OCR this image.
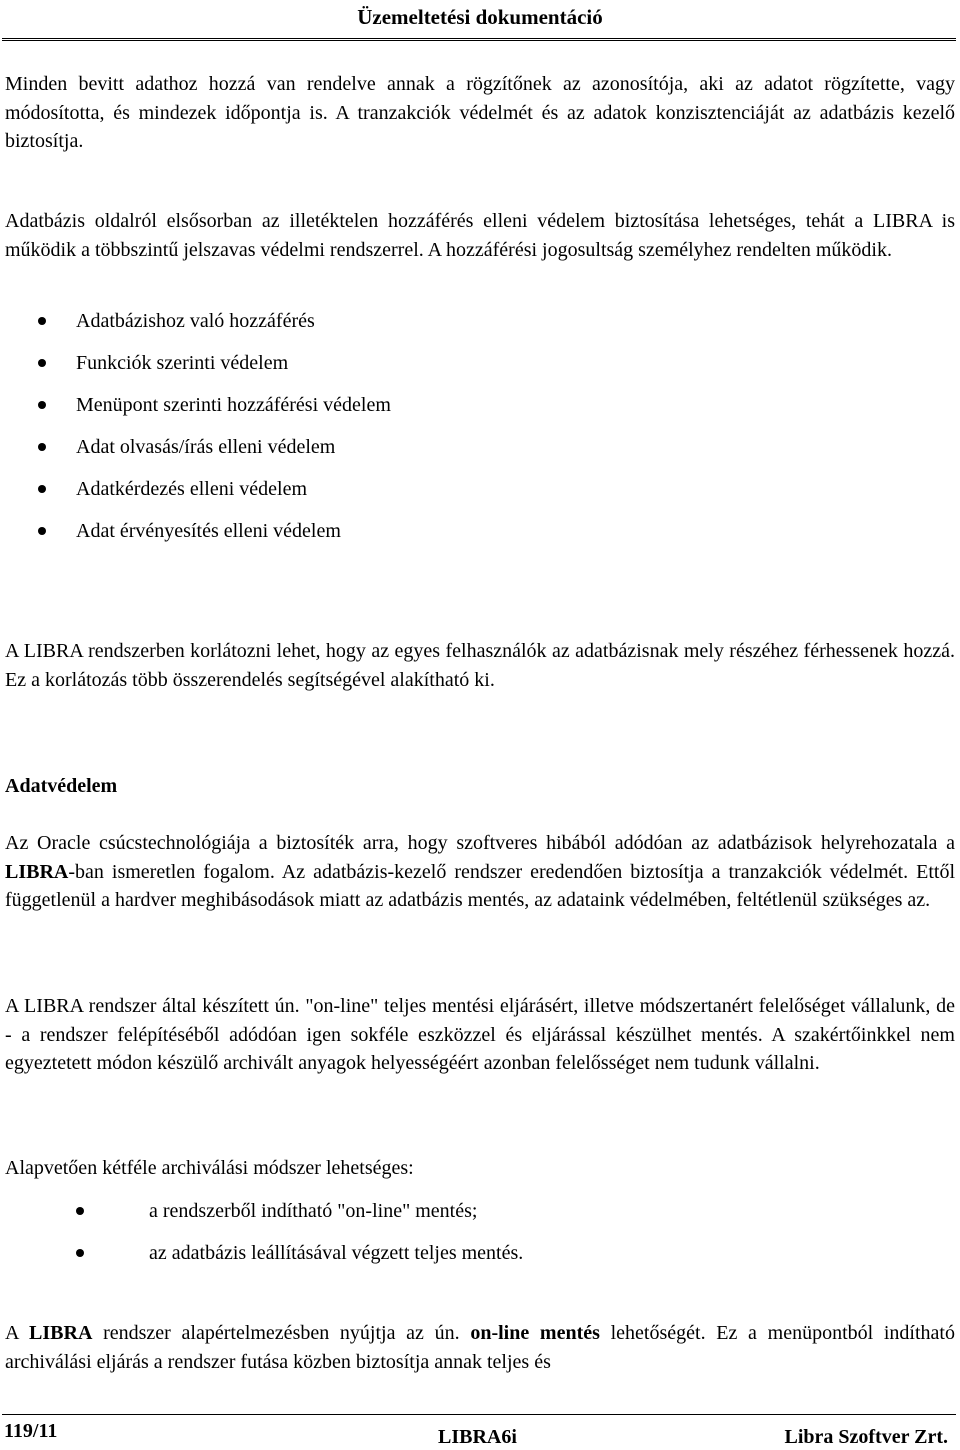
Üzemeltetési dokumentáció

Minden bevitt adathoz hozzá van rendelve annak a rögzítőnek az azonosítója, aki az adatot rögzítette, vagy módosította, és mindezek időpontja is. A tranzakciók védelmét és az adatok konzisztenciáját az adatbázis kezelő biztosítja.

Adatbázis oldalról elsősorban az illetéktelen hozzáférés elleni védelem biztosítása lehetséges, tehát a LIBRA is működik a többszintű jelszavas védelmi rendszerrel. A hozzáférési jogosultság személyhez rendelten működik.

Adatbázishoz való hozzáférés
Funkciók szerinti védelem
Menüpont szerinti hozzáférési védelem
Adat olvasás/írás elleni védelem
Adatkérdezés elleni védelem
Adat érvényesítés elleni védelem

A LIBRA rendszerben korlátozni lehet, hogy az egyes felhasználók az adatbázisnak mely részéhez férhessenek hozzá. Ez a korlátozás több összerendelés segítségével alakítható ki.

Adatvédelem

Az Oracle csúcstechnológiája a biztosíték arra, hogy szoftveres hibából adódóan az adatbázisok helyrehozatala a LIBRA-ban ismeretlen fogalom. Az adatbázis-kezelő rendszer eredendően biztosítja a tranzakciók védelmét. Ettől függetlenül a hardver meghibásodások miatt az adatbázis mentés, az adataink védelmében, feltétlenül szükséges az.

A LIBRA rendszer által készített ún. "on-line" teljes mentési eljárásért, illetve módszertanért felelőséget vállalunk, de - a rendszer felépítéséből adódóan igen sokféle eszközzel és eljárással készülhet mentés. A szakértőinkkel nem egyeztetett módon készülő archivált anyagok helyességéért azonban felelősséget nem tudunk vállalni.

Alapvetően kétféle archiválási módszer lehetséges:

a rendszerből indítható "on-line" mentés;
az adatbázis leállításával végzett teljes mentés.

A LIBRA rendszer alapértelmezésben nyújtja az ún. on-line mentés lehetőségét. Ez a menüpontból indítható archiválási eljárás a rendszer futása közben biztosítja annak teljes és

119/11	LIBRA6i	Libra Szoftver Zrt.
